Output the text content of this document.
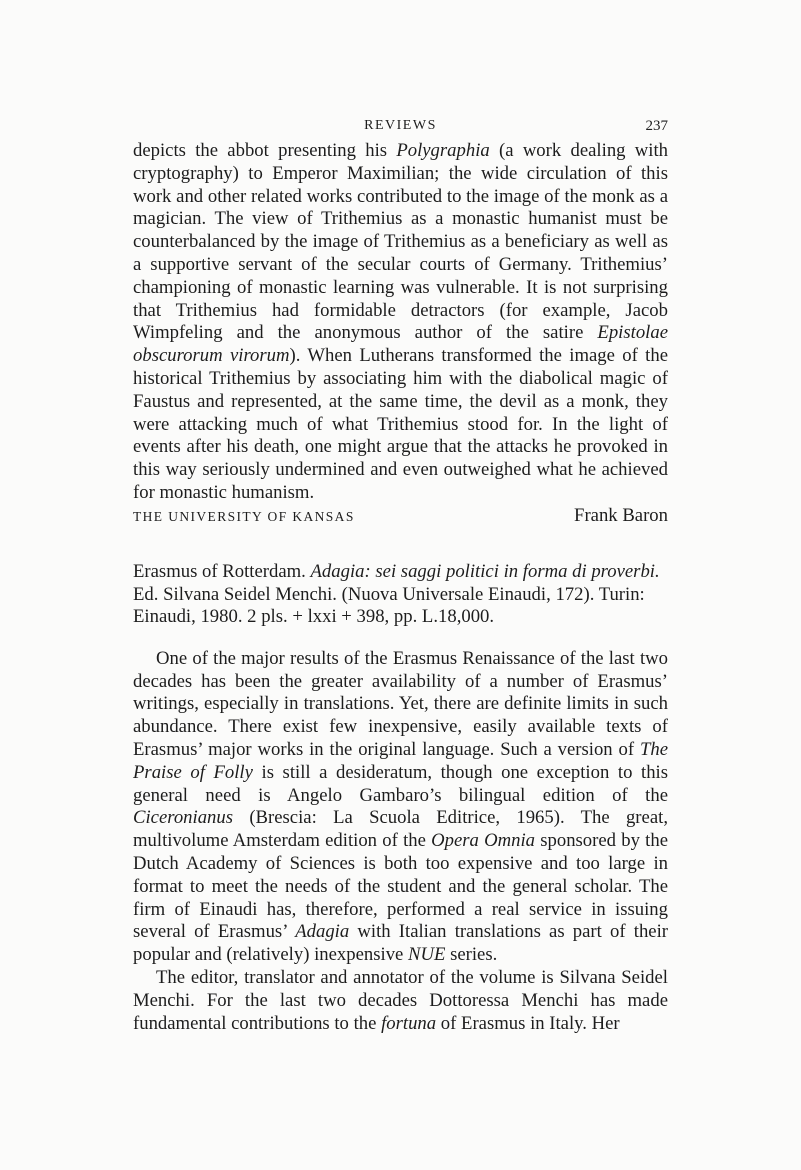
REVIEWS	237

depicts the abbot presenting his Polygraphia (a work dealing with cryptography) to Emperor Maximilian; the wide circulation of this work and other related works contributed to the image of the monk as a magician. The view of Trithemius as a monastic humanist must be counterbalanced by the image of Trithemius as a beneficiary as well as a supportive servant of the secular courts of Germany. Trithemius’ championing of monastic learning was vulnerable. It is not surprising that Trithemius had formidable detractors (for example, Jacob Wimpfeling and the anonymous author of the satire Epistolae obscurorum virorum). When Lutherans transformed the image of the historical Trithemius by associating him with the diabolical magic of Faustus and represented, at the same time, the devil as a monk, they were attacking much of what Trithemius stood for. In the light of events after his death, one might argue that the attacks he provoked in this way seriously undermined and even outweighed what he achieved for monastic humanism.

THE UNIVERSITY OF KANSAS	Frank Baron

Erasmus of Rotterdam. Adagia: sei saggi politici in forma di proverbi. Ed. Silvana Seidel Menchi. (Nuova Universale Einaudi, 172). Turin: Einaudi, 1980. 2 pls. + lxxi + 398, pp. L.18,000.

One of the major results of the Erasmus Renaissance of the last two decades has been the greater availability of a number of Erasmus’ writings, especially in translations. Yet, there are definite limits in such abundance. There exist few inexpensive, easily available texts of Erasmus’ major works in the original language. Such a version of The Praise of Folly is still a desideratum, though one exception to this general need is Angelo Gambaro’s bilingual edition of the Ciceronianus (Brescia: La Scuola Editrice, 1965). The great, multivolume Amsterdam edition of the Opera Omnia sponsored by the Dutch Academy of Sciences is both too expensive and too large in format to meet the needs of the student and the general scholar. The firm of Einaudi has, therefore, performed a real service in issuing several of Erasmus’ Adagia with Italian translations as part of their popular and (relatively) inexpensive NUE series.

The editor, translator and annotator of the volume is Silvana Seidel Menchi. For the last two decades Dottoressa Menchi has made fundamental contributions to the fortuna of Erasmus in Italy. Her
